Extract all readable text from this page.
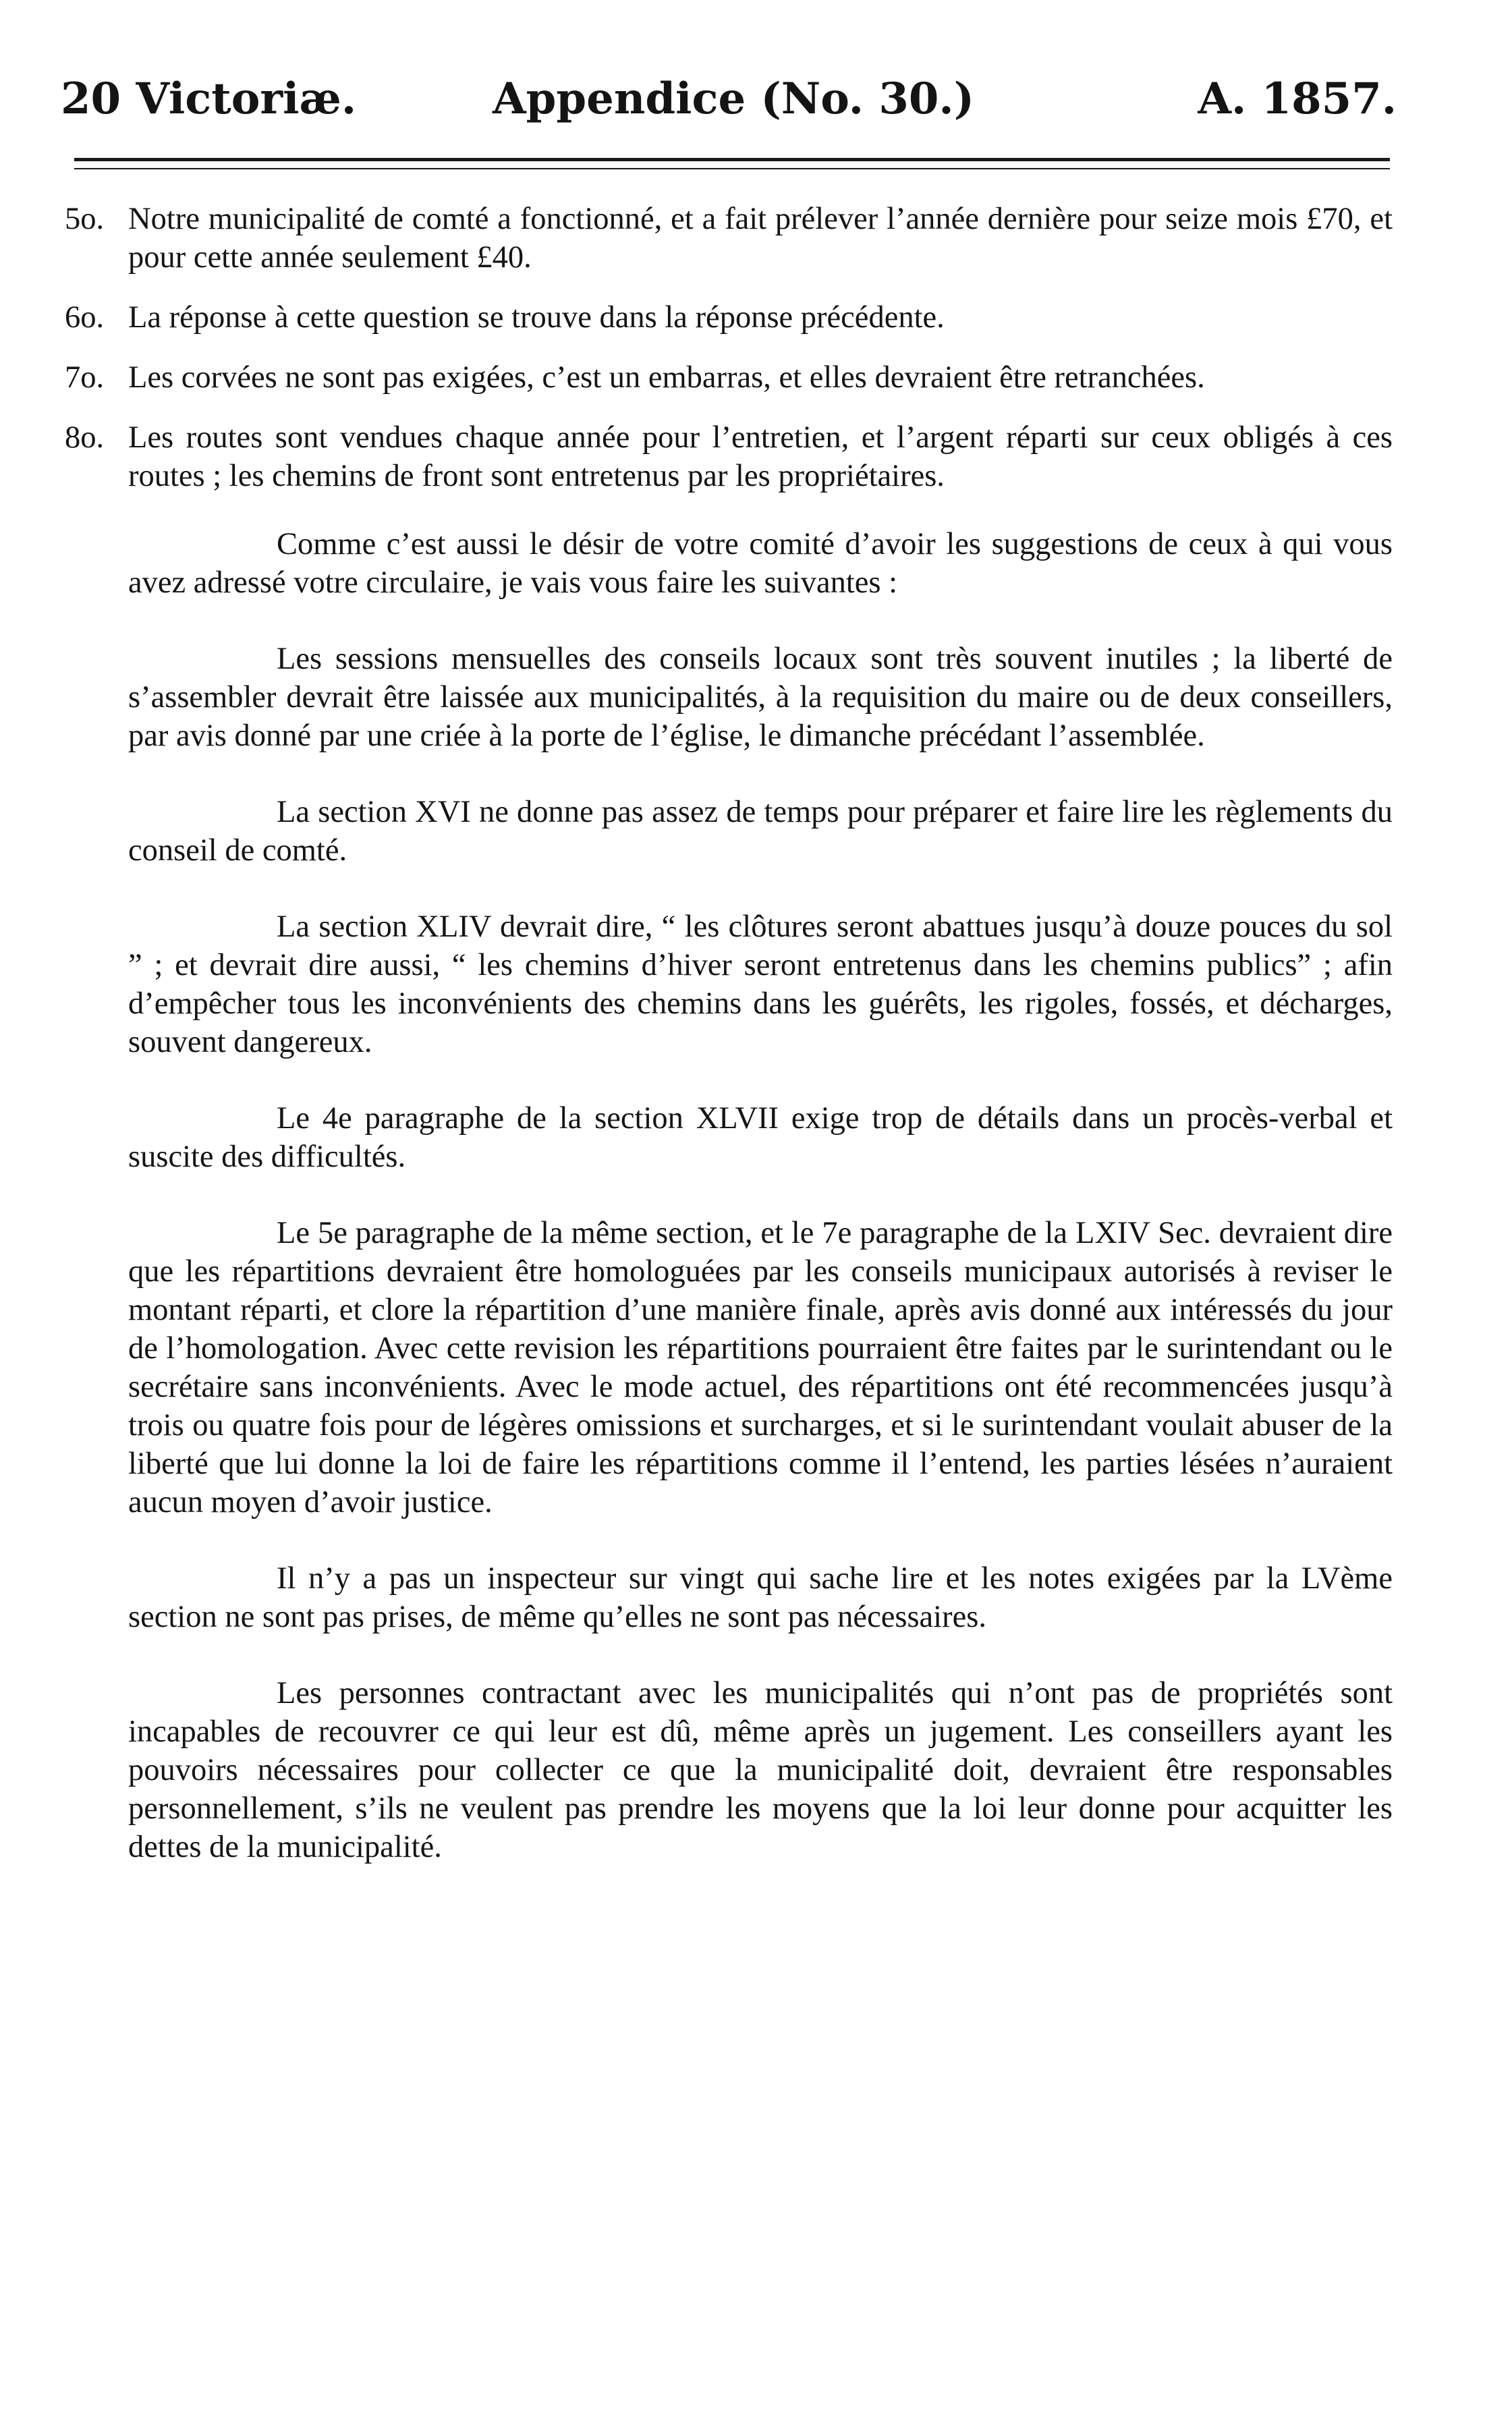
20 Victoriæ.	Appendice (No. 30.)	A. 1857.
5o. Notre municipalité de comté a fonctionné, et a fait prélever l’année dernière pour seize mois £70, et pour cette année seulement £40.
6o. La réponse à cette question se trouve dans la réponse précédente.
7o. Les corvées ne sont pas exigées, c’est un embarras, et elles devraient être retranchées.
8o. Les routes sont vendues chaque année pour l’entretien, et l’argent réparti sur ceux obligés à ces routes ; les chemins de front sont entretenus par les propriétaires.

Comme c’est aussi le désir de votre comité d’avoir les suggestions de ceux à qui vous avez adressé votre circulaire, je vais vous faire les suivantes :

Les sessions mensuelles des conseils locaux sont très souvent inutiles ; la liberté de s’assembler devrait être laissée aux municipalités, à la requisition du maire ou de deux conseillers, par avis donné par une criée à la porte de l’église, le dimanche précédant l’assemblée.

La section XVI ne donne pas assez de temps pour préparer et faire lire les règlements du conseil de comté.

La section XLIV devrait dire, “ les clôtures seront abattues jusqu’à douze pouces du sol ” ; et devrait dire aussi, “ les chemins d’hiver seront entretenus dans les chemins publics” ; afin d’empêcher tous les inconvénients des chemins dans les guérêts, les rigoles, fossés, et décharges, souvent dangereux.

Le 4e paragraphe de la section XLVII exige trop de détails dans un procès-verbal et suscite des difficultés.

Le 5e paragraphe de la même section, et le 7e paragraphe de la LXIV Sec. devraient dire que les répartitions devraient être homologuées par les conseils municipaux autorisés à reviser le montant réparti, et clore la répartition d’une manière finale, après avis donné aux intéressés du jour de l’homologation. Avec cette revision les répartitions pourraient être faites par le surintendant ou le secrétaire sans inconvénients. Avec le mode actuel, des répartitions ont été recommencées jusqu’à trois ou quatre fois pour de légères omissions et surcharges, et si le surintendant voulait abuser de la liberté que lui donne la loi de faire les répartitions comme il l’entend, les parties lésées n’auraient aucun moyen d’avoir justice.

Il n’y a pas un inspecteur sur vingt qui sache lire et les notes exigées par la LVème section ne sont pas prises, de même qu’elles ne sont pas nécessaires.

Les personnes contractant avec les municipalités qui n’ont pas de propriétés sont incapables de recouvrer ce qui leur est dû, même après un jugement. Les conseillers ayant les pouvoirs nécessaires pour collecter ce que la municipalité doit, devraient être responsables personnellement, s’ils ne veulent pas prendre les moyens que la loi leur donne pour acquitter les dettes de la municipalité.
